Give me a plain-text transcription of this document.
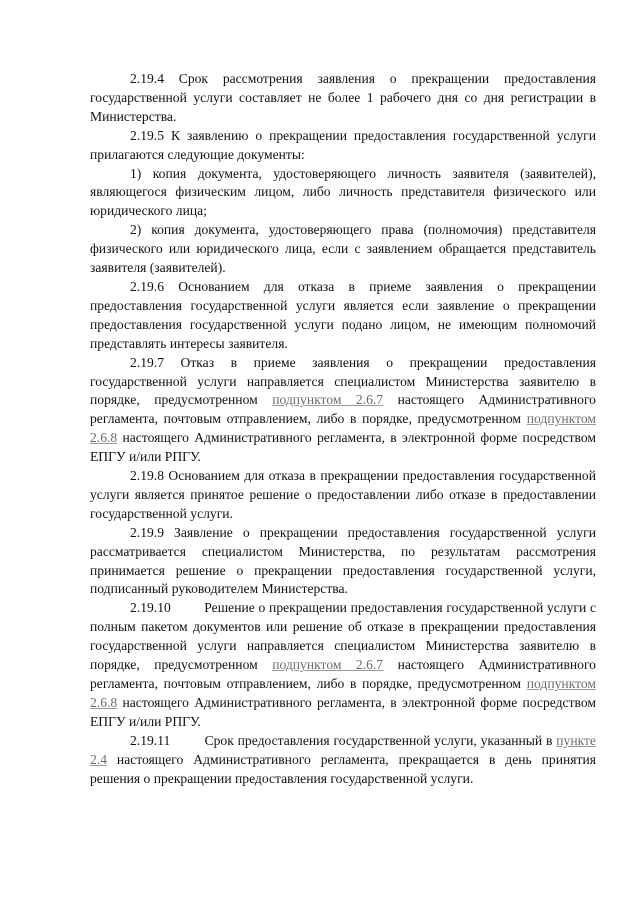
2.19.4 Срок рассмотрения заявления о прекращении предоставления государственной услуги составляет не более 1 рабочего дня со дня регистрации в Министерства.

2.19.5 К заявлению о прекращении предоставления государственной услуги прилагаются следующие документы:

1) копия документа, удостоверяющего личность заявителя (заявителей), являющегося физическим лицом, либо личность представителя физического или юридического лица;

2) копия документа, удостоверяющего права (полномочия) представителя физического или юридического лица, если с заявлением обращается представитель заявителя (заявителей).

2.19.6 Основанием для отказа в приеме заявления о прекращении предоставления государственной услуги является если заявление о прекращении предоставления государственной услуги подано лицом, не имеющим полномочий представлять интересы заявителя.

2.19.7 Отказ в приеме заявления о прекращении предоставления государственной услуги направляется специалистом Министерства заявителю в порядке, предусмотренном подпунктом 2.6.7 настоящего Административного регламента, почтовым отправлением, либо в порядке, предусмотренном подпунктом 2.6.8 настоящего Административного регламента, в электронной форме посредством ЕПГУ и/или РПГУ.

2.19.8 Основанием для отказа в прекращении предоставления государственной услуги является принятое решение о предоставлении либо отказе в предоставлении государственной услуги.

2.19.9 Заявление о прекращении предоставления государственной услуги рассматривается специалистом Министерства, по результатам рассмотрения принимается решение о прекращении предоставления государственной услуги, подписанный руководителем Министерства.

2.19.10         Решение о прекращении предоставления государственной услуги с полным пакетом документов или решение об отказе в прекращении предоставления государственной услуги направляется специалистом Министерства заявителю в порядке, предусмотренном подпунктом 2.6.7 настоящего Административного регламента, почтовым отправлением, либо в порядке, предусмотренном подпунктом 2.6.8 настоящего Административного регламента, в электронной форме посредством ЕПГУ и/или РПГУ.

2.19.11         Срок предоставления государственной услуги, указанный в пункте 2.4 настоящего Административного регламента, прекращается в день принятия решения о прекращении предоставления государственной услуги.
